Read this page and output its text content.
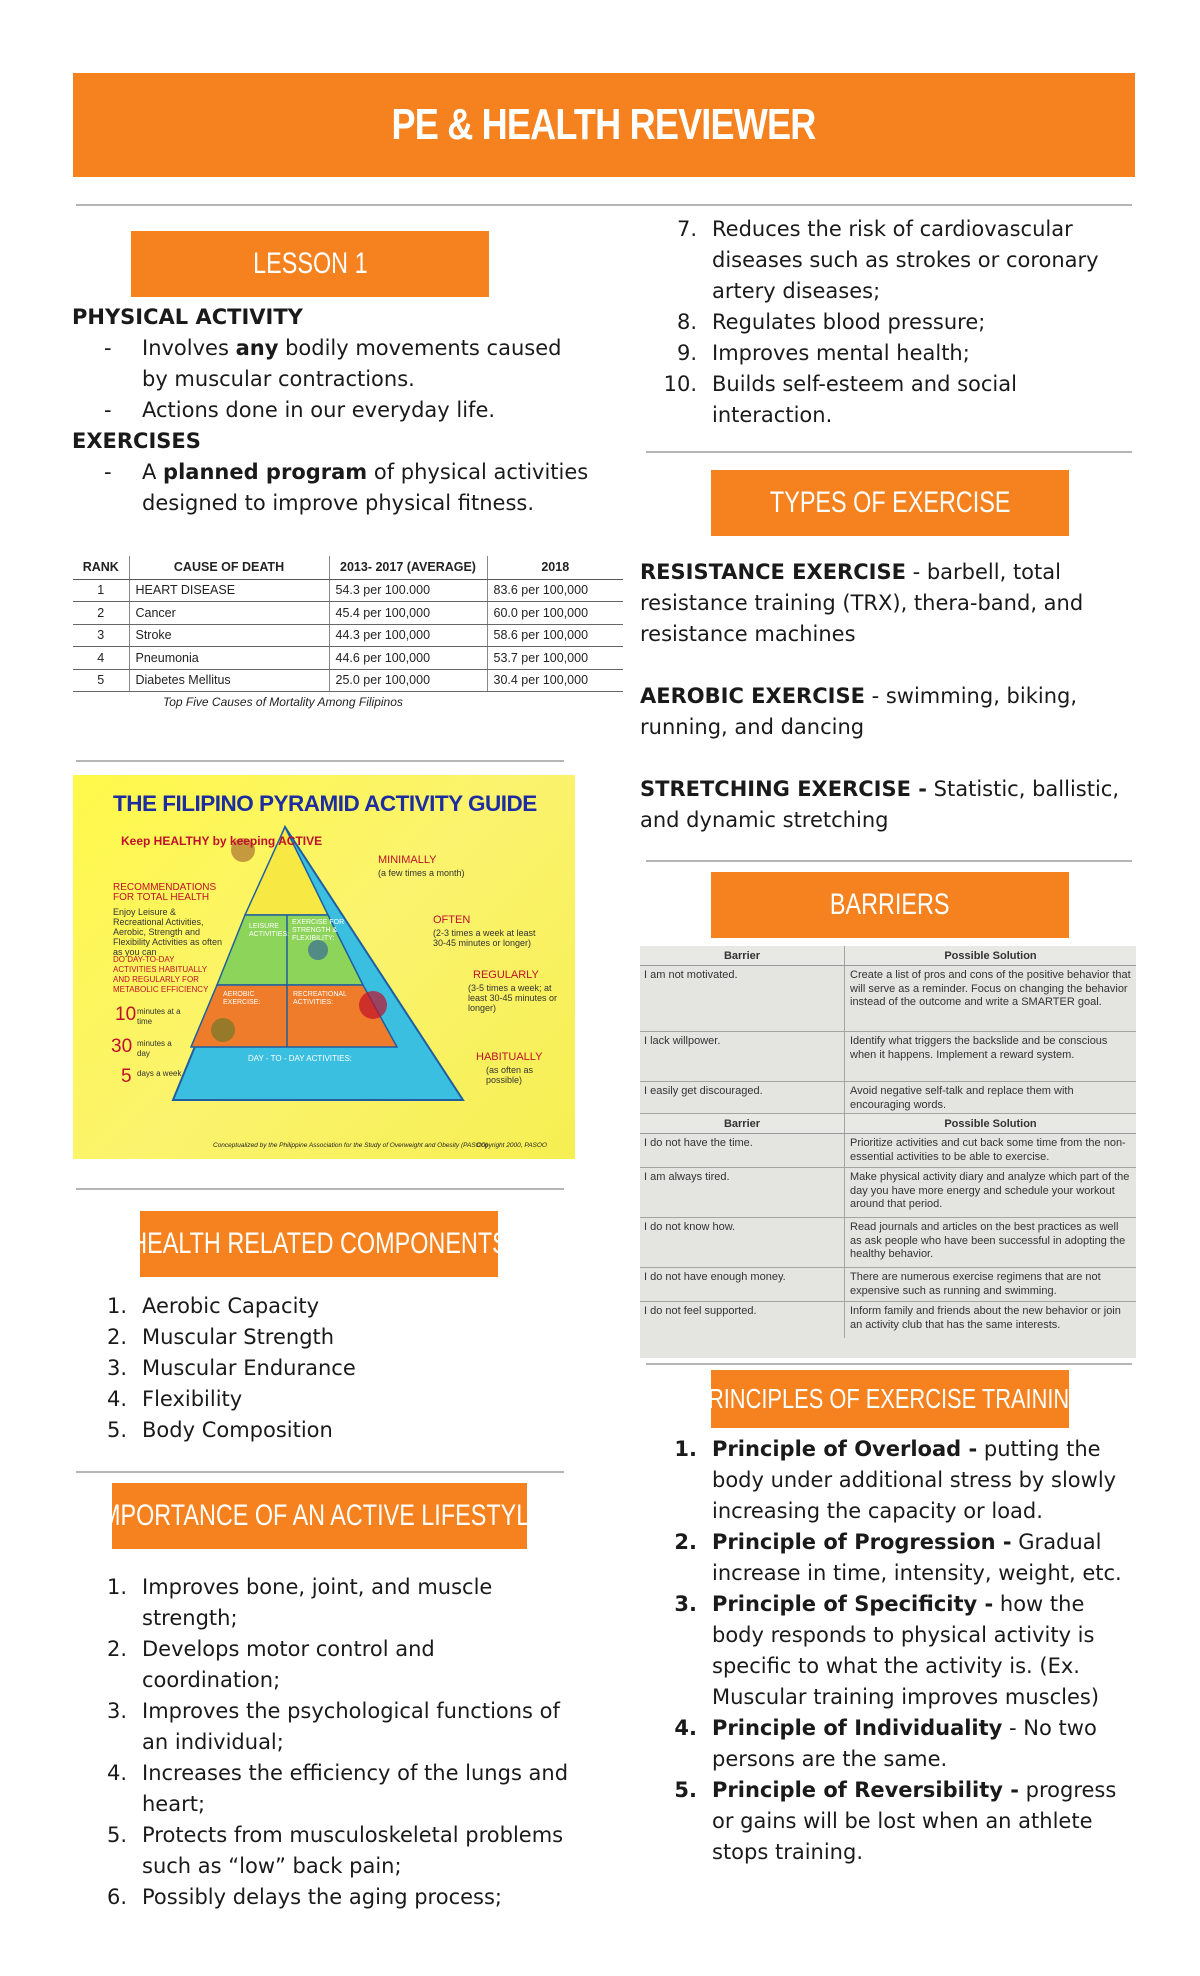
PE & HEALTH REVIEWER
LESSON 1
PHYSICAL ACTIVITY
- Involves any bodily movements caused by muscular contractions.
- Actions done in our everyday life.
EXERCISES
- A planned program of physical activities designed to improve physical fitness.
RANK	CAUSE OF DEATH	2013- 2017 (AVERAGE)	2018
1	HEART DISEASE	54.3 per 100.000	83.6 per 100,000
2	Cancer	45.4 per 100,000	60.0 per 100,000
3	Stroke	44.3 per 100,000	58.6 per 100,000
4	Pneumonia	44.6 per 100,000	53.7 per 100,000
5	Diabetes Mellitus	25.0 per 100,000	30.4 per 100,000
Top Five Causes of Mortality Among Filipinos
THE FILIPINO PYRAMID ACTIVITY GUIDE
Keep HEALTHY by keeping ACTIVE
RECOMMENDATIONS FOR TOTAL HEALTH
Enjoy Leisure & Recreational Activities, Aerobic, Strength and Flexibility Activities as often as you can
DO DAY-TO-DAY ACTIVITIES HABITUALLY AND REGULARLY FOR METABOLIC EFFICIENCY
10 minutes at a time
30 minutes a day
5 days a week
MINIMALLY
(a few times a month)
OFTEN
(2-3 times a week at least 30-45 minutes or longer)
REGULARLY
(3-5 times a week; at least 30-45 minutes or longer)
HABITUALLY
(as often as possible)
LEISURE ACTIVITIES:
EXERCISE FOR STRENGTH & FLEXIBILITY:
AEROBIC EXERCISE:
RECREATIONAL ACTIVITIES:
DAY - TO - DAY ACTIVITIES:
Conceptualized by the Philippine Association for the Study of Overweight and Obesity (PASOO)
Copyright 2000, PASOO
HEALTH RELATED COMPONENTS
1. Aerobic Capacity
2. Muscular Strength
3. Muscular Endurance
4. Flexibility
5. Body Composition
IMPORTANCE OF AN ACTIVE LIFESTYLE
1. Improves bone, joint, and muscle strength;
2. Develops motor control and coordination;
3. Improves the psychological functions of an individual;
4. Increases the efficiency of the lungs and heart;
5. Protects from musculoskeletal problems such as “low” back pain;
6. Possibly delays the aging process;
7. Reduces the risk of cardiovascular diseases such as strokes or coronary artery diseases;
8. Regulates blood pressure;
9. Improves mental health;
10. Builds self-esteem and social interaction.
TYPES OF EXERCISE
RESISTANCE EXERCISE - barbell, total resistance training (TRX), thera-band, and resistance machines
AEROBIC EXERCISE - swimming, biking, running, and dancing
STRETCHING EXERCISE - Statistic, ballistic, and dynamic stretching
BARRIERS
Barrier	Possible Solution
I am not motivated.	Create a list of pros and cons of the positive behavior that will serve as a reminder. Focus on changing the behavior instead of the outcome and write a SMARTER goal.
I lack willpower.	Identify what triggers the backslide and be conscious when it happens. Implement a reward system.
I easily get discouraged.	Avoid negative self-talk and replace them with encouraging words.
Barrier	Possible Solution
I do not have the time.	Prioritize activities and cut back some time from the non- essential activities to be able to exercise.
I am always tired.	Make physical activity diary and analyze which part of the day you have more energy and schedule your workout around that period.
I do not know how.	Read journals and articles on the best practices as well as ask people who have been successful in adopting the healthy behavior.
I do not have enough money.	There are numerous exercise regimens that are not expensive such as running and swimming.
I do not feel supported.	Inform family and friends about the new behavior or join an activity club that has the same interests.
PRINCIPLES OF EXERCISE TRAINING
1. Principle of Overload - putting the body under additional stress by slowly increasing the capacity or load.
2. Principle of Progression - Gradual increase in time, intensity, weight, etc.
3. Principle of Specificity - how the body responds to physical activity is specific to what the activity is. (Ex. Muscular training improves muscles)
4. Principle of Individuality - No two persons are the same.
5. Principle of Reversibility - progress or gains will be lost when an athlete stops training.
